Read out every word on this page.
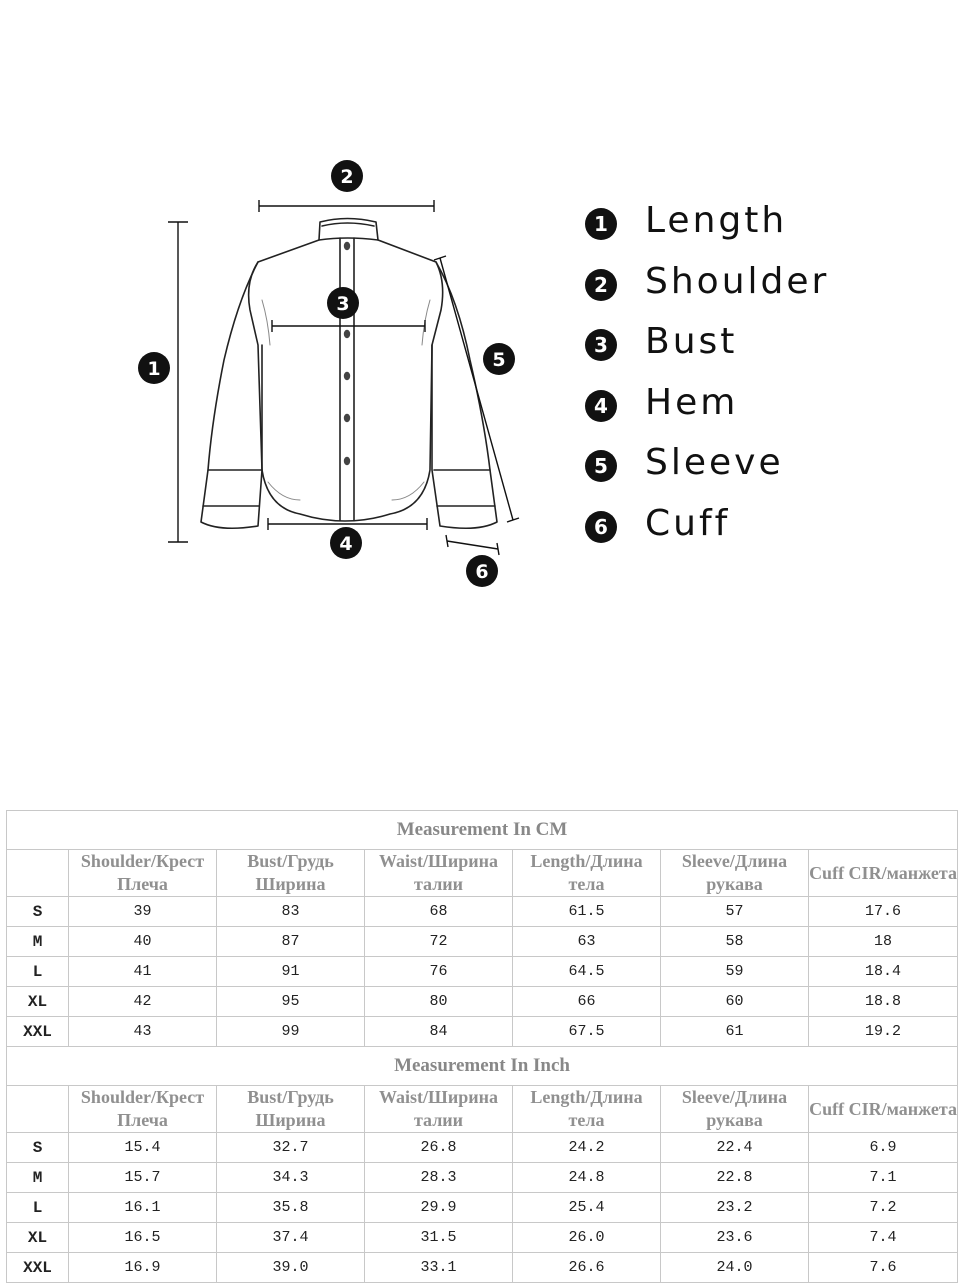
1
2
3
4
5
6
1 Length
2 Shoulder
3 Bust
4 Hem
5 Sleeve
6 Cuff
Measurement In CM						
	Shoulder/Крест Плеча	Bust/Грудь Ширина	Waist/Ширина талии	Length/Длина тела	Sleeve/Длина рукава	Cuff CIR/манжета
S	39	83	68	61.5	57	17.6
M	40	87	72	63	58	18
L	41	91	76	64.5	59	18.4
XL	42	95	80	66	60	18.8
XXL	43	99	84	67.5	61	19.2
Measurement In Inch						
	Shoulder/Крест Плеча	Bust/Грудь Ширина	Waist/Ширина талии	Length/Длина тела	Sleeve/Длина рукава	Cuff CIR/манжета
S	15.4	32.7	26.8	24.2	22.4	6.9
M	15.7	34.3	28.3	24.8	22.8	7.1
L	16.1	35.8	29.9	25.4	23.2	7.2
XL	16.5	37.4	31.5	26.0	23.6	7.4
XXL	16.9	39.0	33.1	26.6	24.0	7.6
